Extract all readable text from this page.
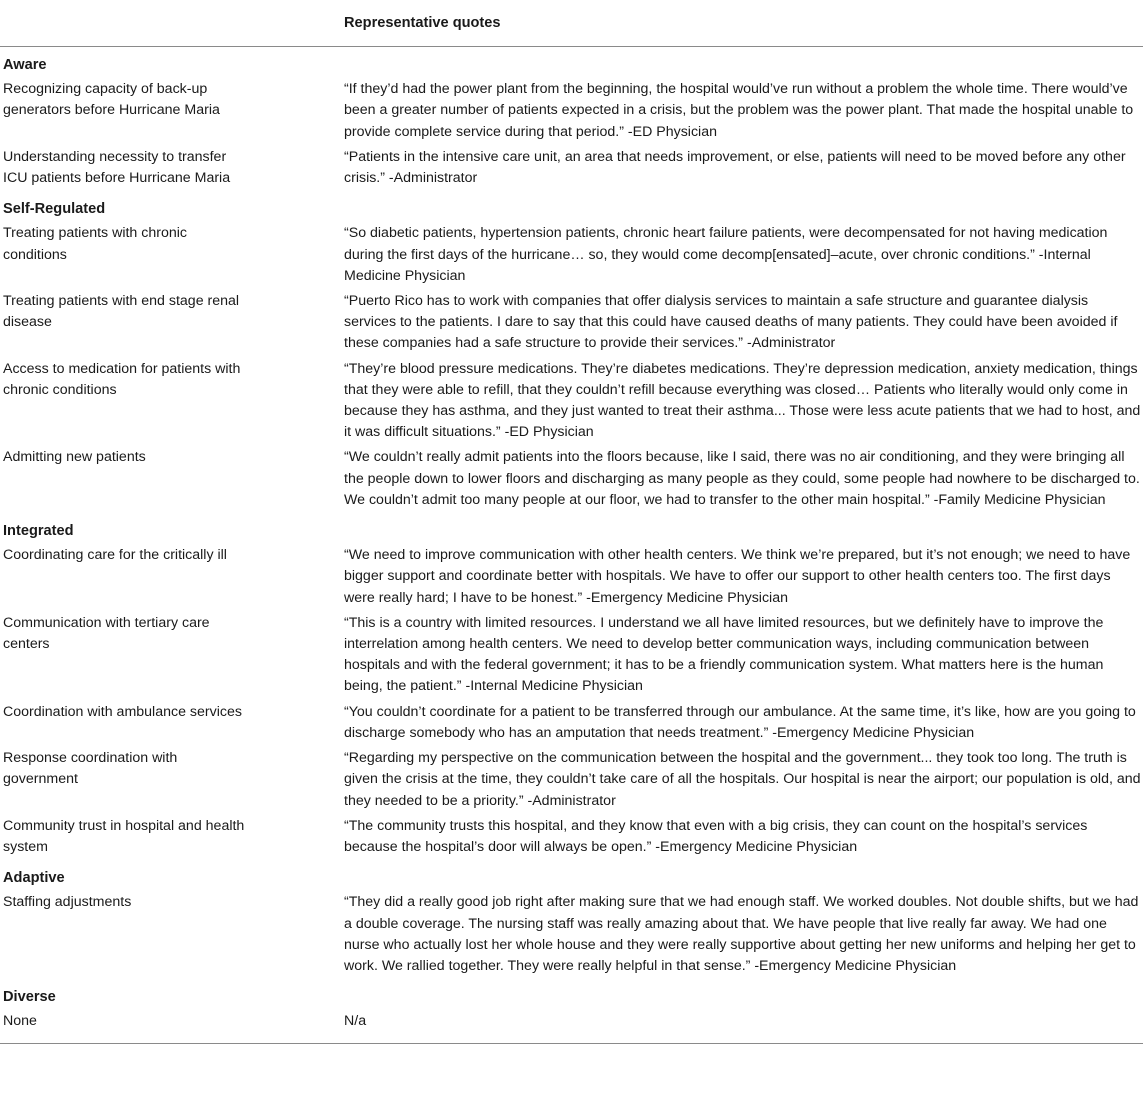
	Representative quotes
Aware	
Recognizing capacity of back-up generators before Hurricane Maria	“If they’d had the power plant from the beginning, the hospital would’ve run without a problem the whole time. There would’ve been a greater number of patients expected in a crisis, but the problem was the power plant. That made the hospital unable to provide complete service during that period.” -ED Physician
Understanding necessity to transfer ICU patients before Hurricane Maria	“Patients in the intensive care unit, an area that needs improvement, or else, patients will need to be moved before any other crisis.” -Administrator
Self-Regulated	
Treating patients with chronic conditions	“So diabetic patients, hypertension patients, chronic heart failure patients, were decompensated for not having medication during the first days of the hurricane… so, they would come decomp[ensated]–acute, over chronic conditions.” -Internal Medicine Physician
Treating patients with end stage renal disease	“Puerto Rico has to work with companies that offer dialysis services to maintain a safe structure and guarantee dialysis services to the patients. I dare to say that this could have caused deaths of many patients. They could have been avoided if these companies had a safe structure to provide their services.” -Administrator
Access to medication for patients with chronic conditions	“They’re blood pressure medications. They’re diabetes medications. They’re depression medication, anxiety medication, things that they were able to refill, that they couldn’t refill because everything was closed… Patients who literally would only come in because they has asthma, and they just wanted to treat their asthma... Those were less acute patients that we had to host, and it was difficult situations.” -ED Physician
Admitting new patients	“We couldn’t really admit patients into the floors because, like I said, there was no air conditioning, and they were bringing all the people down to lower floors and discharging as many people as they could, some people had nowhere to be discharged to. We couldn’t admit too many people at our floor, we had to transfer to the other main hospital.” -Family Medicine Physician
Integrated	
Coordinating care for the critically ill	“We need to improve communication with other health centers. We think we’re prepared, but it’s not enough; we need to have bigger support and coordinate better with hospitals. We have to offer our support to other health centers too. The first days were really hard; I have to be honest.” -Emergency Medicine Physician
Communication with tertiary care centers	“This is a country with limited resources. I understand we all have limited resources, but we definitely have to improve the interrelation among health centers. We need to develop better communication ways, including communication between hospitals and with the federal government; it has to be a friendly communication system. What matters here is the human being, the patient.” -Internal Medicine Physician
Coordination with ambulance services	“You couldn’t coordinate for a patient to be transferred through our ambulance. At the same time, it’s like, how are you going to discharge somebody who has an amputation that needs treatment.” -Emergency Medicine Physician
Response coordination with government	“Regarding my perspective on the communication between the hospital and the government... they took too long. The truth is given the crisis at the time, they couldn’t take care of all the hospitals. Our hospital is near the airport; our population is old, and they needed to be a priority.” -Administrator
Community trust in hospital and health system	“The community trusts this hospital, and they know that even with a big crisis, they can count on the hospital’s services because the hospital’s door will always be open.” -Emergency Medicine Physician
Adaptive	
Staffing adjustments	“They did a really good job right after making sure that we had enough staff. We worked doubles. Not double shifts, but we had a double coverage. The nursing staff was really amazing about that. We have people that live really far away. We had one nurse who actually lost her whole house and they were really supportive about getting her new uniforms and helping her get to work. We rallied together. They were really helpful in that sense.” -Emergency Medicine Physician
Diverse	
None	N/a
